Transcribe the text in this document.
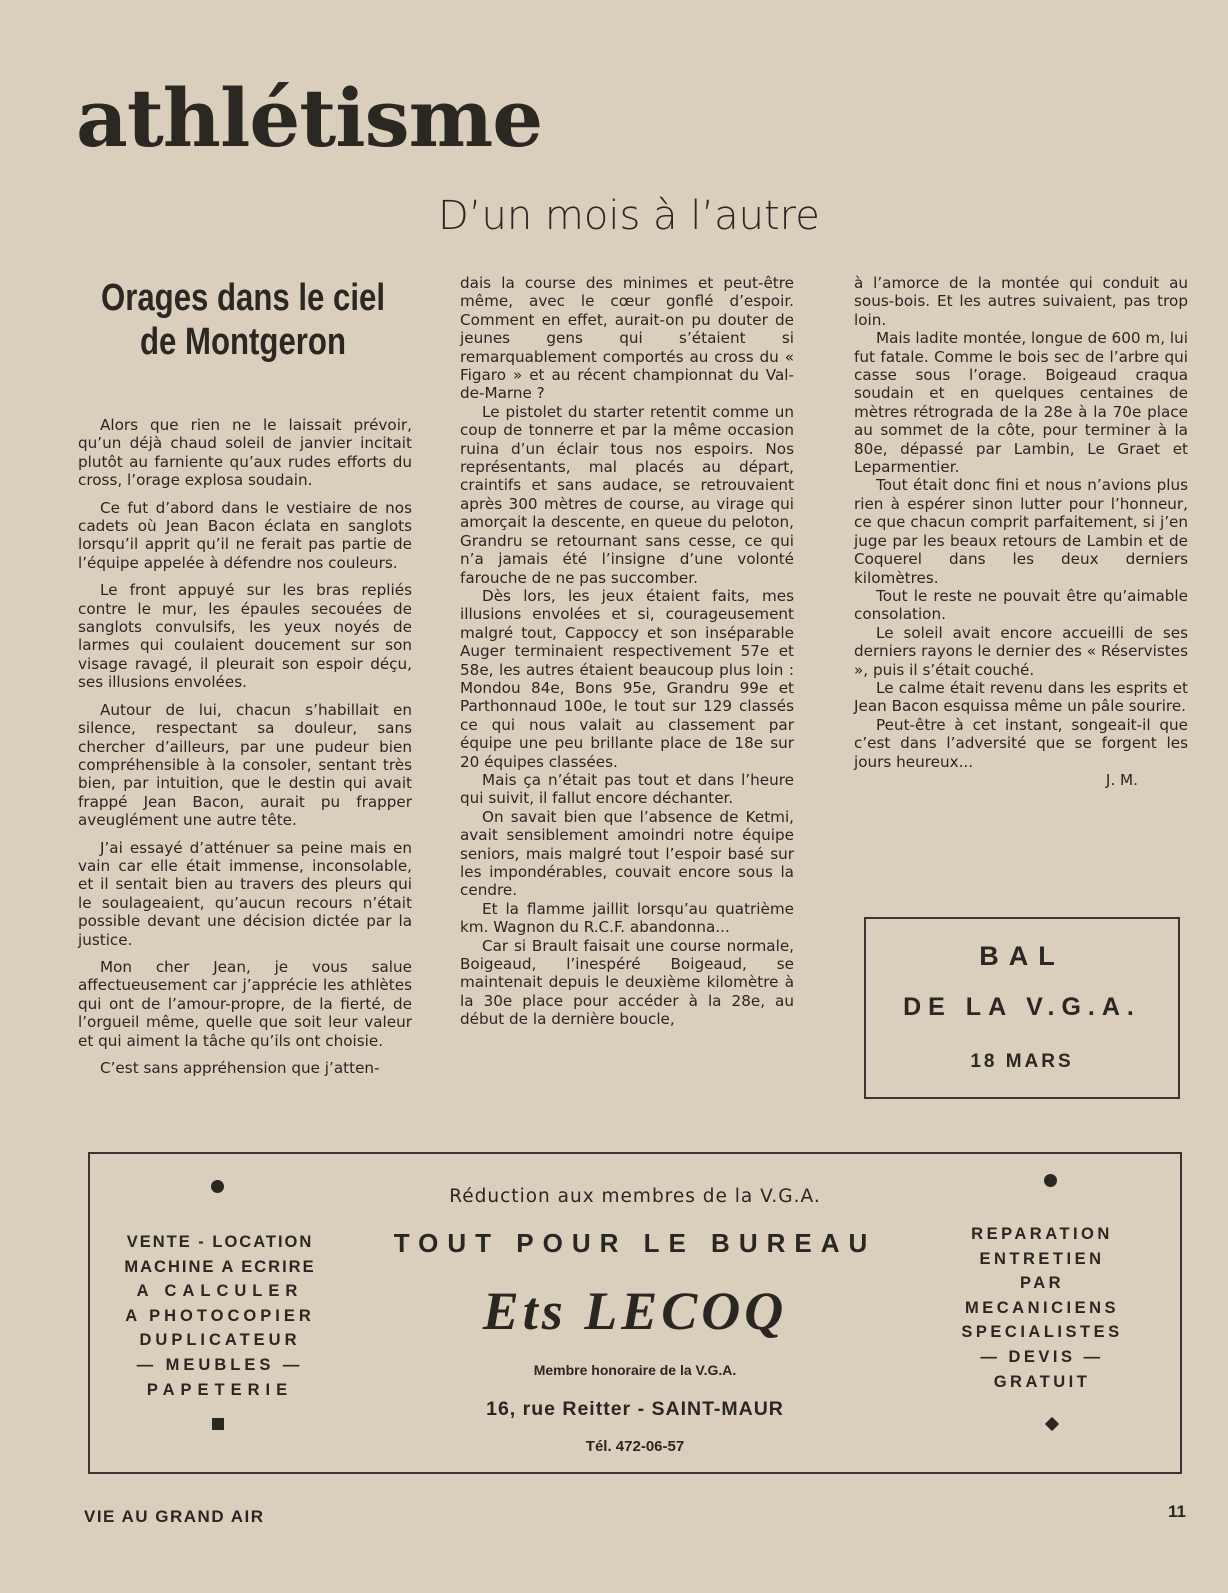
athlétisme
D’un mois à l’autre
Orages dans le ciel
de Montgeron

Alors que rien ne le laissait prévoir, qu’un déjà chaud soleil de janvier incitait plutôt au farniente qu’aux rudes efforts du cross, l’orage explosa soudain.

Ce fut d’abord dans le vestiaire de nos cadets où Jean Bacon éclata en sanglots lorsqu’il apprit qu’il ne ferait pas partie de l’équipe appelée à défendre nos couleurs.

Le front appuyé sur les bras repliés contre le mur, les épaules secouées de sanglots convulsifs, les yeux noyés de larmes qui coulaient doucement sur son visage ravagé, il pleurait son espoir déçu, ses illusions envolées.

Autour de lui, chacun s’habillait en silence, respectant sa douleur, sans chercher d’ailleurs, par une pudeur bien compréhensible à la consoler, sentant très bien, par intuition, que le destin qui avait frappé Jean Bacon, aurait pu frapper aveuglément une autre tête.

J’ai essayé d’atténuer sa peine mais en vain car elle était immense, inconsolable, et il sentait bien au travers des pleurs qui le soulageaient, qu’aucun recours n’était possible devant une décision dictée par la justice.

Mon cher Jean, je vous salue affectueusement car j’apprécie les athlètes qui ont de l’amour-propre, de la fierté, de l’orgueil même, quelle que soit leur valeur et qui aiment la tâche qu’ils ont choisie.

C’est sans appréhension que j’atten-

dais la course des minimes et peut-être même, avec le cœur gonflé d’espoir. Comment en effet, aurait-on pu douter de jeunes gens qui s’étaient si remarquablement comportés au cross du « Figaro » et au récent championnat du Val-de-Marne ?

Le pistolet du starter retentit comme un coup de tonnerre et par la même occasion ruina d’un éclair tous nos espoirs. Nos représentants, mal placés au départ, craintifs et sans audace, se retrouvaient après 300 mètres de course, au virage qui amorçait la descente, en queue du peloton, Grandru se retournant sans cesse, ce qui n’a jamais été l’insigne d’une volonté farouche de ne pas succomber.

Dès lors, les jeux étaient faits, mes illusions envolées et si, courageusement malgré tout, Cappoccy et son inséparable Auger terminaient respectivement 57e et 58e, les autres étaient beaucoup plus loin : Mondou 84e, Bons 95e, Grandru 99e et Parthonnaud 100e, le tout sur 129 classés ce qui nous valait au classement par équipe une peu brillante place de 18e sur 20 équipes classées.

Mais ça n’était pas tout et dans l’heure qui suivit, il fallut encore déchanter.

On savait bien que l’absence de Ketmi, avait sensiblement amoindri notre équipe seniors, mais malgré tout l’espoir basé sur les impondérables, couvait encore sous la cendre.

Et la flamme jaillit lorsqu’au quatrième km. Wagnon du R.C.F. abandonna...

Car si Brault faisait une course normale, Boigeaud, l’inespéré Boigeaud, se maintenait depuis le deuxième kilomètre à la 30e place pour accéder à la 28e, au début de la dernière boucle,

à l’amorce de la montée qui conduit au sous-bois. Et les autres suivaient, pas trop loin.

Mais ladite montée, longue de 600 m, lui fut fatale. Comme le bois sec de l’arbre qui casse sous l’orage. Boigeaud craqua soudain et en quelques centaines de mètres rétrograda de la 28e à la 70e place au sommet de la côte, pour terminer à la 80e, dépassé par Lambin, Le Graet et Leparmentier.

Tout était donc fini et nous n’avions plus rien à espérer sinon lutter pour l’honneur, ce que chacun comprit parfaitement, si j’en juge par les beaux retours de Lambin et de Coquerel dans les deux derniers kilomètres.

Tout le reste ne pouvait être qu’aimable consolation.

Le soleil avait encore accueilli de ses derniers rayons le dernier des « Réservistes », puis il s’était couché.

Le calme était revenu dans les esprits et Jean Bacon esquissa même un pâle sourire.

Peut-être à cet instant, songeait-il que c’est dans l’adversité que se forgent les jours heureux...

J. M.

BAL
DE LA V.G.A.
18 MARS
VENTE - LOCATION
MACHINE A ECRIRE
A CALCULER
A PHOTOCOPIER
DUPLICATEUR
— MEUBLES —
PAPETERIE
Réduction aux membres de la V.G.A.
TOUT POUR LE BUREAU
Ets LECOQ
Membre honoraire de la V.G.A.
16, rue Reitter - SAINT-MAUR
Tél. 472-06-57
REPARATION
ENTRETIEN
PAR
MECANICIENS
SPECIALISTES
— DEVIS —
GRATUIT
VIE AU GRAND AIR	11
